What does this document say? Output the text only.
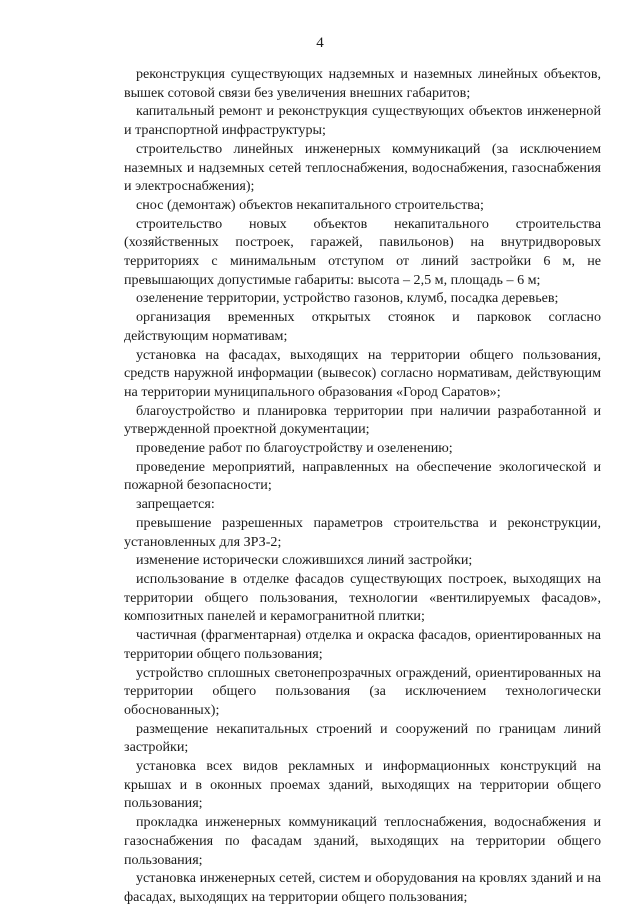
4

реконструкция существующих надземных и наземных линейных объектов, вышек сотовой связи без увеличения внешних габаритов;

капитальный ремонт и реконструкция существующих объектов инженерной и транспортной инфраструктуры;

строительство линейных инженерных коммуникаций (за исключением наземных и надземных сетей теплоснабжения, водоснабжения, газоснабжения и электроснабжения);

снос (демонтаж) объектов некапитального строительства;

строительство новых объектов некапитального строительства (хозяйственных построек, гаражей, павильонов) на внутридворовых территориях с минимальным отступом от линий застройки 6 м, не превышающих допустимые габариты: высота – 2,5 м, площадь – 6 м;

озеленение территории, устройство газонов, клумб, посадка деревьев;

организация временных открытых стоянок и парковок согласно действующим нормативам;

установка на фасадах, выходящих на территории общего пользования, средств наружной информации (вывесок) согласно нормативам, действующим на территории муниципального образования «Город Саратов»;

благоустройство и планировка территории при наличии разработанной и утвержденной проектной документации;

проведение работ по благоустройству и озеленению;

проведение мероприятий, направленных на обеспечение экологической и пожарной безопасности;

запрещается:

превышение разрешенных параметров строительства и реконструкции, установленных для ЗРЗ-2;

изменение исторически сложившихся линий застройки;

использование в отделке фасадов существующих построек, выходящих на территории общего пользования, технологии «вентилируемых фасадов», композитных панелей и керамогранитной плитки;

частичная (фрагментарная) отделка и окраска фасадов, ориентированных на территории общего пользования;

устройство сплошных светонепрозрачных ограждений, ориентированных на территории общего пользования (за исключением технологически обоснованных);

размещение некапитальных строений и сооружений по границам линий застройки;

установка всех видов рекламных и информационных конструкций на крышах и в оконных проемах зданий, выходящих на территории общего пользования;

прокладка инженерных коммуникаций теплоснабжения, водоснабжения и газоснабжения по фасадам зданий, выходящих на территории общего пользования;

установка инженерных сетей, систем и оборудования на кровлях зданий и на фасадах, выходящих на территории общего пользования;
